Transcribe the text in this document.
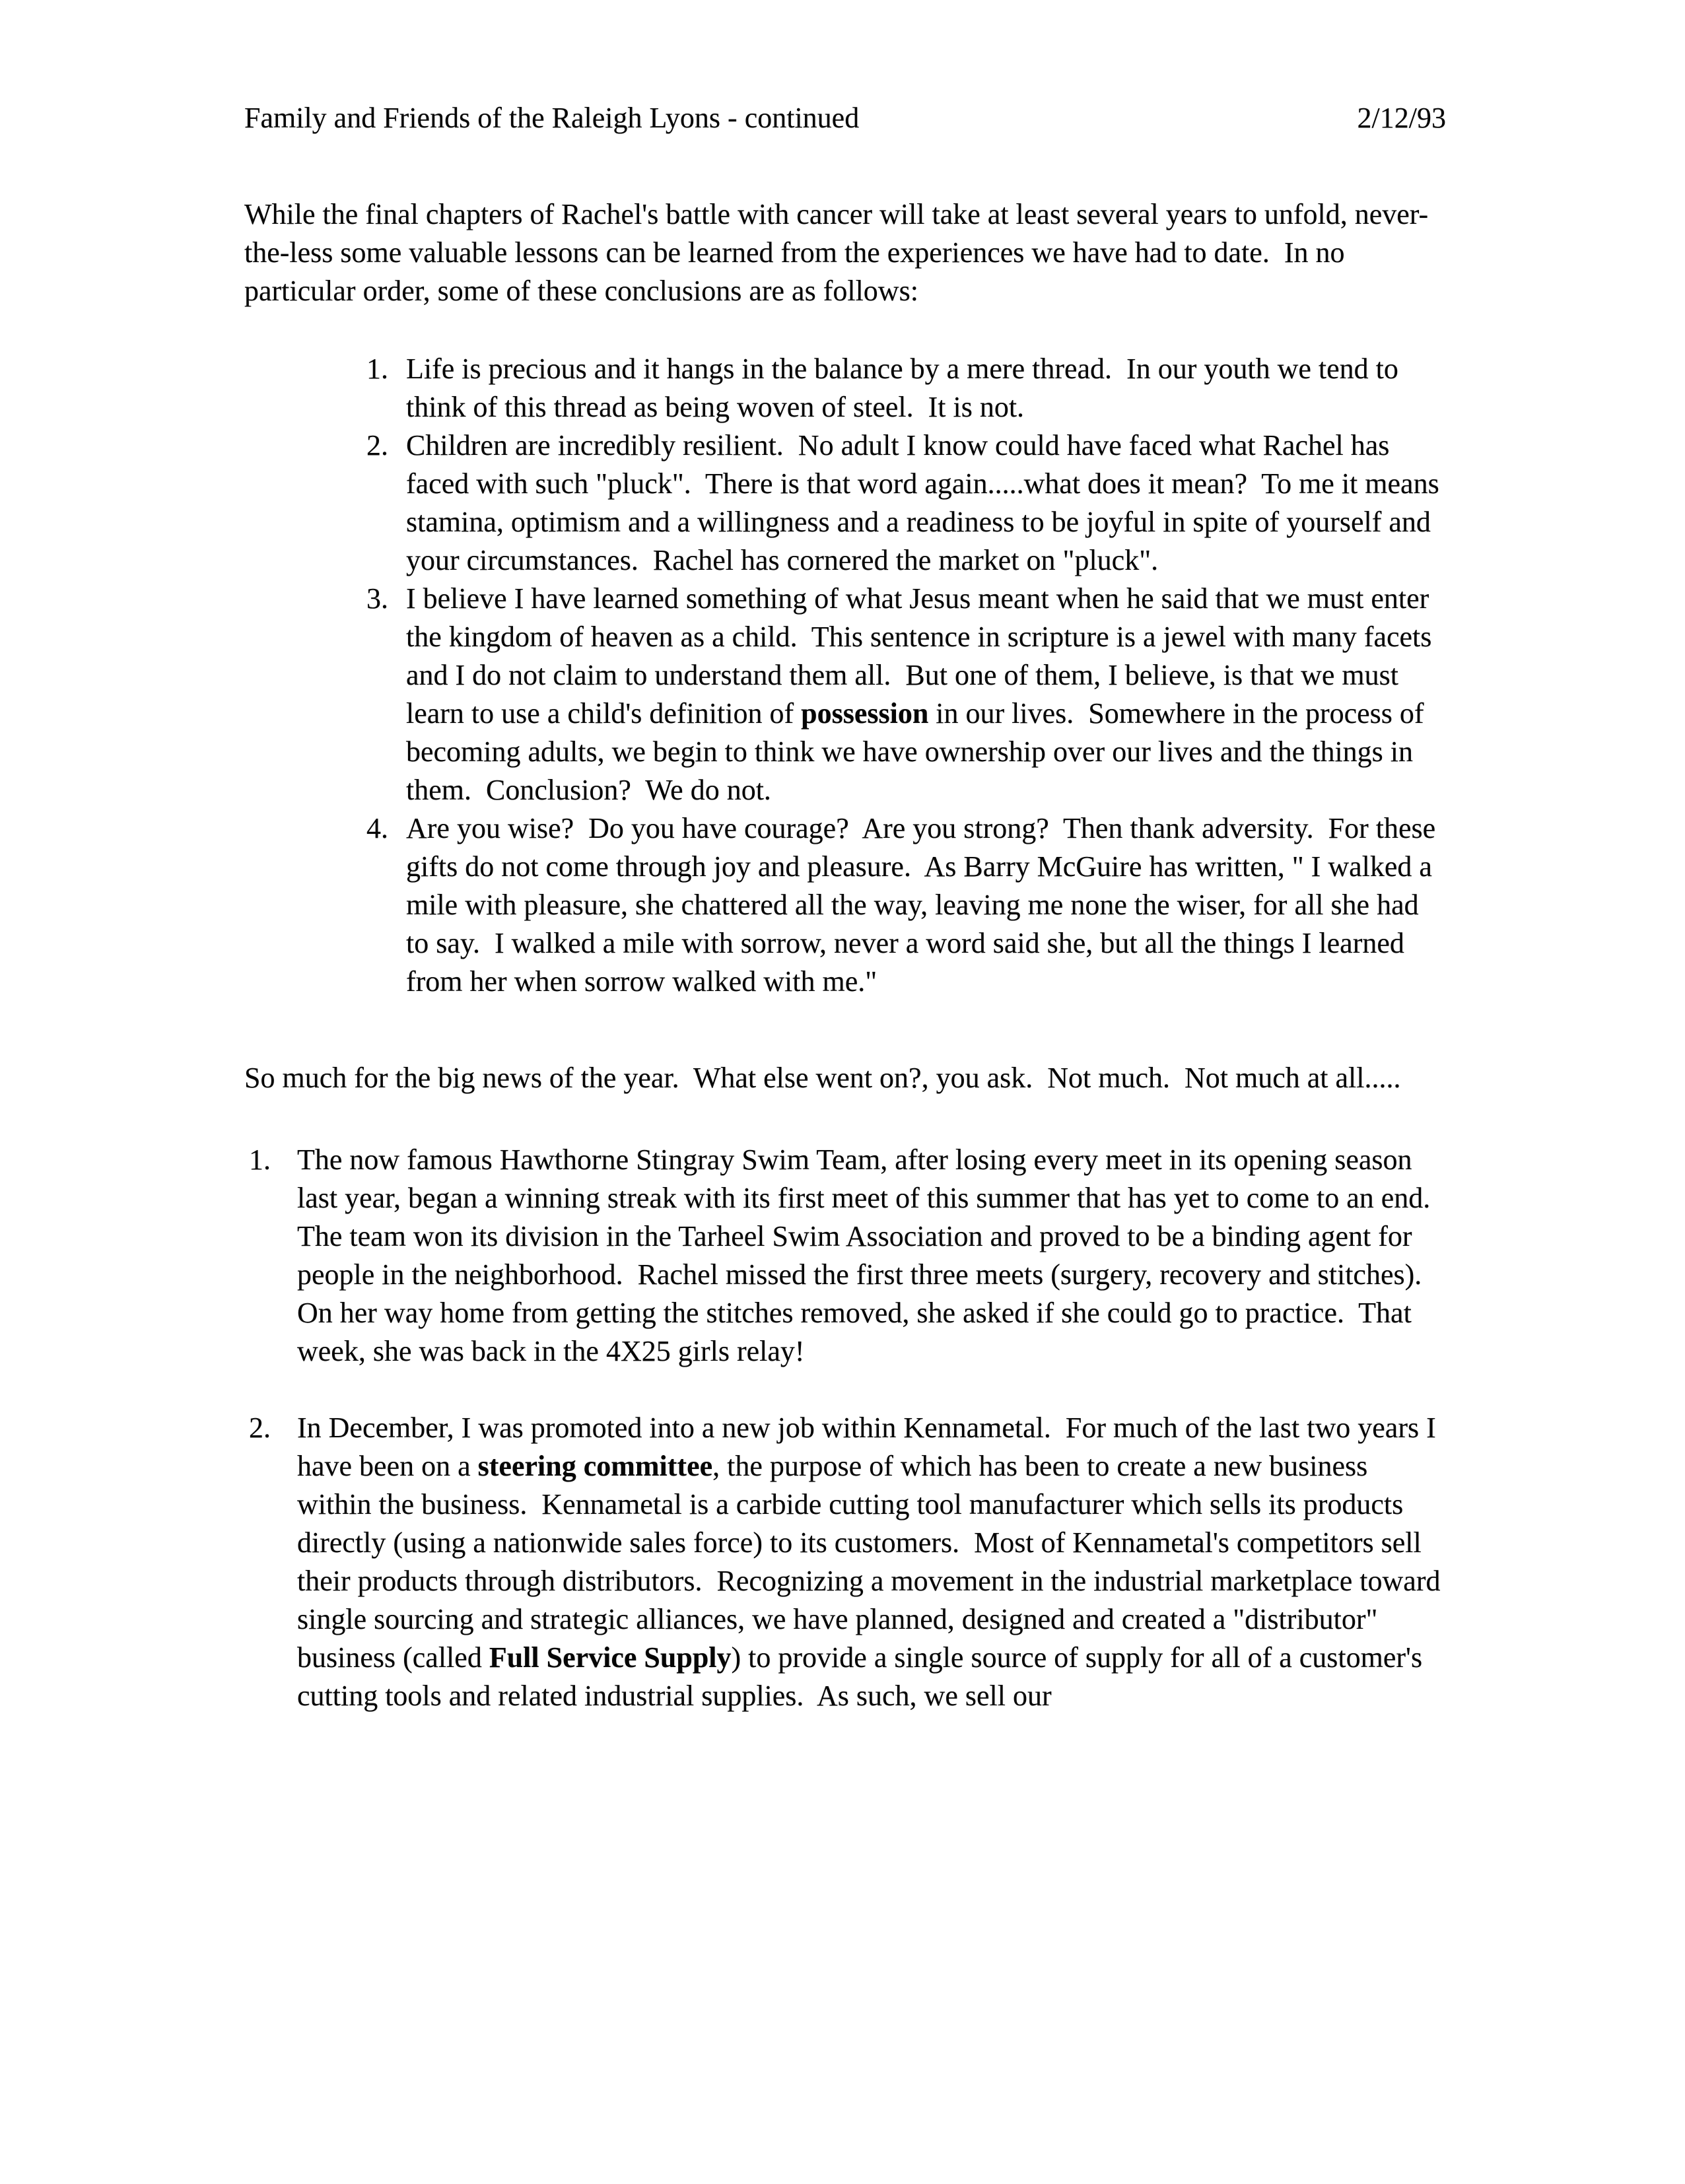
Family and Friends of the Raleigh Lyons - continued	2/12/93

While the final chapters of Rachel's battle with cancer will take at least several years to unfold, never-the-less some valuable lessons can be learned from the experiences we have had to date.  In no particular order, some of these conclusions are as follows:

1. Life is precious and it hangs in the balance by a mere thread.  In our youth we tend to think of this thread as being woven of steel.  It is not.
2. Children are incredibly resilient.  No adult I know could have faced what Rachel has faced with such "pluck".  There is that word again.....what does it mean?  To me it means stamina, optimism and a willingness and a readiness to be joyful in spite of yourself and your circumstances.  Rachel has cornered the market on "pluck".
3. I believe I have learned something of what Jesus meant when he said that we must enter the kingdom of heaven as a child.  This sentence in scripture is a jewel with many facets and I do not claim to understand them all.  But one of them, I believe, is that we must learn to use a child's definition of possession in our lives.  Somewhere in the process of becoming adults, we begin to think we have ownership over our lives and the things in them.  Conclusion?  We do not.
4. Are you wise?  Do you have courage?  Are you strong?  Then thank adversity.  For these gifts do not come through joy and pleasure.  As Barry McGuire has written, " I walked a mile with pleasure, she chattered all the way, leaving me none the wiser, for all she had to say.  I walked a mile with sorrow, never a word said she, but all the things I learned from her when sorrow walked with me."

So much for the big news of the year.  What else went on?, you ask.  Not much.  Not much at all.....

1. The now famous Hawthorne Stingray Swim Team, after losing every meet in its opening season last year, began a winning streak with its first meet of this summer that has yet to come to an end.  The team won its division in the Tarheel Swim Association and proved to be a binding agent for people in the neighborhood.  Rachel missed the first three meets (surgery, recovery and stitches).  On her way home from getting the stitches removed, she asked if she could go to practice.  That week, she was back in the 4X25 girls relay!
2. In December, I was promoted into a new job within Kennametal.  For much of the last two years I have been on a steering committee, the purpose of which has been to create a new business within the business.  Kennametal is a carbide cutting tool manufacturer which sells its products directly (using a nationwide sales force) to its customers.  Most of Kennametal's competitors sell their products through distributors.  Recognizing a movement in the industrial marketplace toward single sourcing and strategic alliances, we have planned, designed and created a "distributor" business (called Full Service Supply) to provide a single source of supply for all of a customer's cutting tools and related industrial supplies.  As such, we sell our
